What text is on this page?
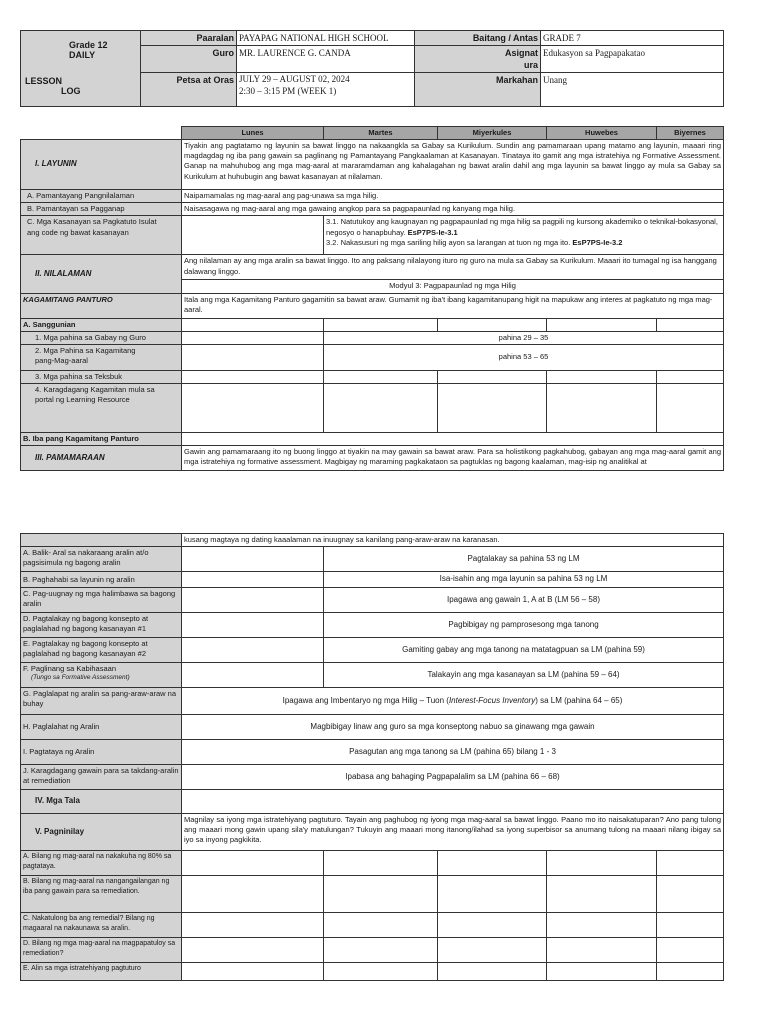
Grade 12
DAILY
LESSON
LOG	Paaralan	PAYAPAG NATIONAL HIGH SCHOOL	Baitang / Antas	GRADE 7
	Guro	MR. LAURENCE G. CANDA	Asignatura	Edukasyon sa Pagpapakatao
	Petsa at Oras	JULY 29 – AUGUST 02, 2024
2:30 – 3:15 PM (WEEK 1)	Markahan	Unang
	Lunes	Martes	Miyerkules	Huwebes	Biyernes
I. LAYUNIN	Tiyakin ang pagtatamo ng layunin sa bawat linggo na nakaangkla sa Gabay sa Kurikulum. Sundin ang pamamaraan upang matamo ang layunin, maaari ring magdagdag ng iba pang gawain sa paglinang ng Pamantayang Pangkaalaman at Kasanayan. Tinataya ito gamit ang mga istratehiya ng Formative Assessment. Ganap na mahuhubog ang mga mag-aaral at mararamdaman ang kahalagahan ng bawat aralin dahil ang mga layunin sa bawat linggo ay mula sa Gabay sa Kurikulum at huhubugin ang bawat kasanayan at nilalaman.				
A. Pamantayang Pangnilalaman	Naipamamalas ng mag-aaral ang pag-unawa sa mga hilig.				
B. Pamantayan sa Pagganap	Naisasagawa ng mag-aaral ang mga gawaing angkop para sa pagpapaunlad ng kanyang mga hilig.				
C. Mga Kasanayan sa Pagkatuto Isulat ang code ng bawat kasanayan		3.1. Natutukoy ang kaugnayan ng pagpapaunlad ng mga hilig sa pagpili ng kursong akademiko o teknikal-bokasyonal, negosyo o hanapbuhay. EsP7PS-Ie-3.1
3.2. Nakasusuri ng mga sariling hilig ayon sa larangan at tuon ng mga ito. EsP7PS-Ie-3.2			

II. NILALAMAN	Ang nilalaman ay ang mga aralin sa bawat linggo. Ito ang paksang nilalayong ituro ng guro na mula sa Gabay sa Kurikulum. Maaari ito tumagal ng isa hanggang dalawang linggo.				
	Modyul 3: Pagpapaunlad ng mga Hilig				
KAGAMITANG PANTURO	Itala ang mga Kagamitang Panturo gagamitin sa bawat araw. Gumamit ng iba't ibang kagamitanupang higit na mapukaw ang interes at pagkatuto ng mga mag-aaral.				
A. Sanggunian					
1. Mga pahina sa Gabay ng Guro		pahina 29 – 35			
2. Mga Pahina sa Kagamitang pang-Mag-aaral		pahina 53 – 65			
3. Mga pahina sa Teksbuk					
4. Karagdagang Kagamitan mula sa portal ng Learning Resource					
B. Iba pang Kagamitang Panturo					
III. PAMAMARAAN	Gawin ang pamamaraang ito ng buong linggo at tiyakin na may gawain sa bawat araw. Para sa holistikong pagkahubog, gabayan ang mga mag-aaral gamit ang mga istratehiya ng formative assessment. Magbigay ng maraming pagkakataon sa pagtuklas ng bagong kaalaman, mag-isip ng analitikal at				
	kusang magtaya ng dating kaaalaman na inuugnay sa kanilang pang-araw-araw na karanasan.				
A. Balik- Aral sa nakaraang aralin at/o pagsisimula ng bagong aralin		Pagtalakay sa pahina 53 ng LM			
B. Paghahabi sa layunin ng aralin		Isa-isahin ang mga layunin sa pahina 53 ng LM			
C. Pag-uugnay ng mga halimbawa sa bagong aralin		Ipagawa ang gawain 1, A at B (LM 56 – 58)			
D. Pagtalakay ng bagong konsepto at paglalahad ng bagong kasanayan #1		Pagbibigay ng pamprosesong mga tanong			
E. Pagtalakay ng bagong konsepto at paglalahad ng bagong kasanayan #2		Gamiting gabay ang mga tanong na matatagpuan sa LM (pahina 59)			

F. Paglinang sa Kabihasaan
(Tungo sa Formative Assessment)		Talakayin ang mga kasanayan sa LM (pahina 59 – 64)			
G. Paglalapat ng aralin sa pang-araw-araw na buhay	Ipagawa ang Imbentaryo ng mga Hilig – Tuon (Interest-Focus Inventory) sa LM (pahina 64 – 65)				
H. Paglalahat ng Aralin	Magbibigay linaw ang guro sa mga konseptong nabuo sa ginawang mga gawain				
I. Pagtataya ng Aralin	Pasagutan ang mga tanong sa LM (pahina 65) bilang 1 - 3				
J. Karagdagang gawain para sa takdang-aralin at remediation	Ipabasa ang bahaging Pagpapalalim sa LM (pahina 66 – 68)				
IV. Mga Tala					
V. Pagninilay	Magnilay sa iyong mga istratehiyang pagtuturo. Tayain ang paghubog ng iyong mga mag-aaral sa bawat linggo. Paano mo ito naisakatuparan? Ano pang tulong ang maaari mong gawin upang sila'y matulungan? Tukuyin ang maaari mong itanong/ilahad sa iyong superbisor sa anumang tulong na maaari nilang ibigay sa iyo sa inyong pagkikita.				
A. Bilang ng mag-aaral na nakakuha ng 80% sa pagtataya.					
B. Bilang ng mag-aaral na nangangailangan ng iba pang gawain para sa remediation.					
C. Nakatulong ba ang remedial? Bilang ng magaaral na nakaunawa sa aralin.					
D. Bilang ng mga mag-aaral na magpapatuloy sa remediation?					
E. Alin sa mga istratehiyang pagtuturo					
